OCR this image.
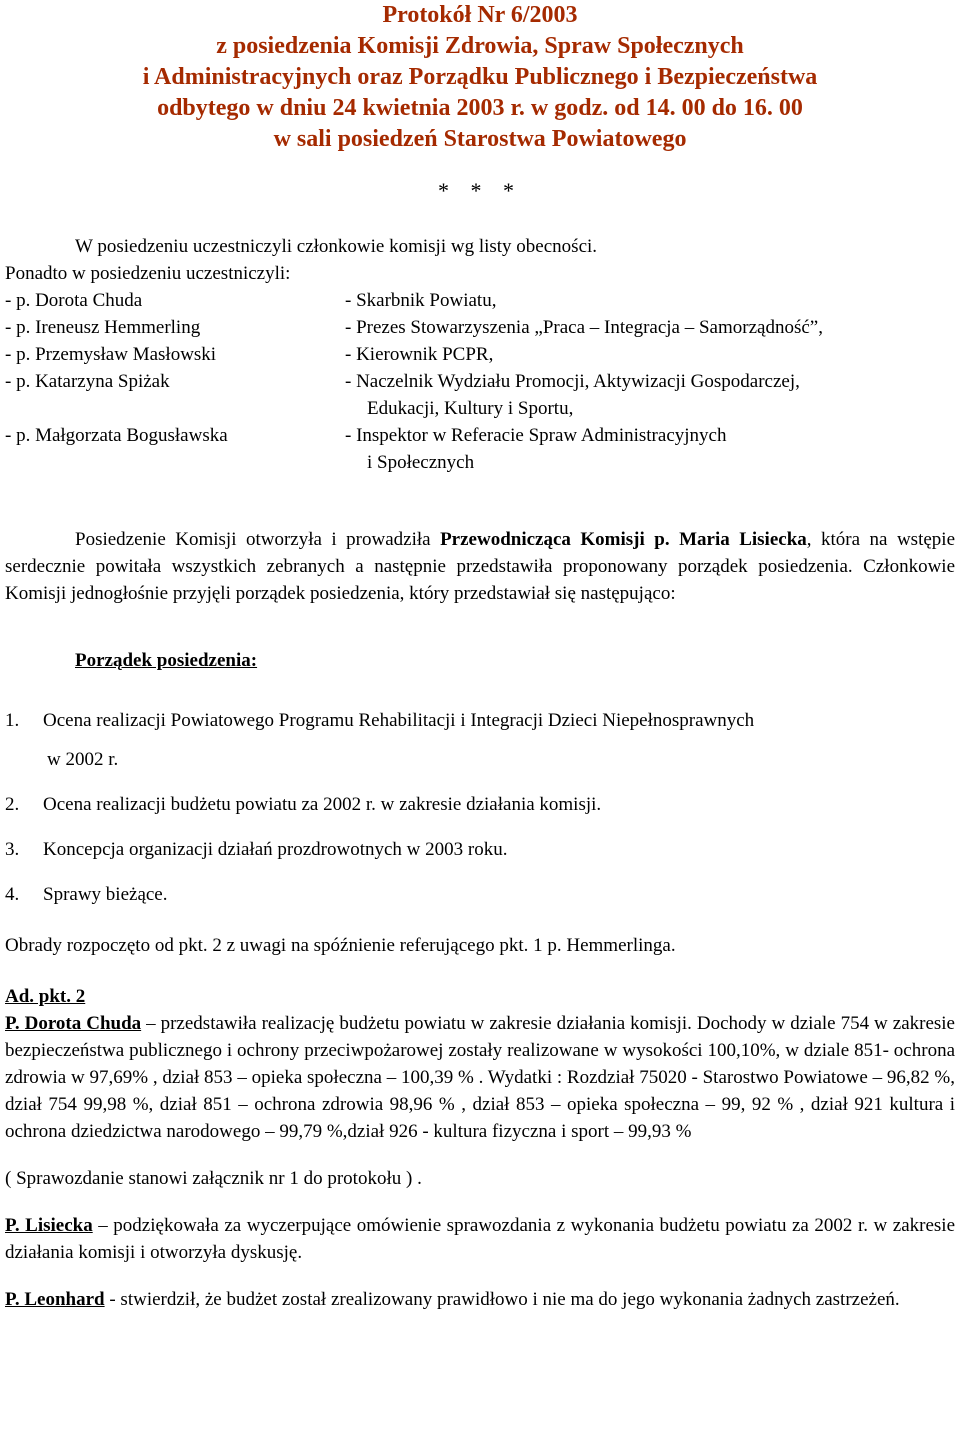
Protokół Nr 6/2003
z posiedzenia Komisji Zdrowia, Spraw Społecznych
i Administracyjnych oraz Porządku Publicznego i Bezpieczeństwa
odbytego w dniu 24 kwietnia 2003 r. w godz. od 14. 00 do 16. 00
w sali posiedzeń Starostwa Powiatowego
* * *

W posiedzeniu uczestniczyli członkowie komisji wg listy obecności.

Ponadto w posiedzeniu uczestniczyli:

- p. Dorota Chuda	- Skarbnik Powiatu,
- p. Ireneusz Hemmerling	- Prezes Stowarzyszenia „Praca – Integracja – Samorządność”,
- p. Przemysław Masłowski	- Kierownik PCPR,
- p. Katarzyna Spiżak	- Naczelnik Wydziału Promocji, Aktywizacji Gospodarczej,
Edukacji, Kultury i Sportu,
- p. Małgorzata Bogusławska	- Inspektor w Referacie Spraw Administracyjnych
i Społecznych

Posiedzenie Komisji otworzyła i prowadziła Przewodnicząca Komisji p. Maria Lisiecka, która na wstępie serdecznie powitała wszystkich zebranych a następnie przedstawiła proponowany porządek posiedzenia. Członkowie Komisji jednogłośnie przyjęli porządek posiedzenia, który przedstawiał się następująco:

Porządek posiedzenia:
1.	Ocena realizacji Powiatowego Programu Rehabilitacji i Integracji Dzieci Niepełnosprawnych
w 2002 r.
2.	Ocena realizacji budżetu powiatu za 2002 r. w zakresie działania komisji.
3.	Koncepcja organizacji działań prozdrowotnych w 2003 roku.
4.	Sprawy bieżące.

Obrady rozpoczęto od pkt. 2 z uwagi na spóźnienie referującego pkt. 1 p. Hemmerlinga.

Ad. pkt. 2

P. Dorota Chuda – przedstawiła realizację budżetu powiatu w zakresie działania komisji. Dochody w dziale 754 w zakresie bezpieczeństwa publicznego i ochrony przeciwpożarowej zostały realizowane w wysokości 100,10%, w dziale 851- ochrona zdrowia w 97,69% , dział 853 – opieka społeczna – 100,39 % . Wydatki : Rozdział 75020 - Starostwo Powiatowe – 96,82 %, dział 754 99,98 %, dział 851 – ochrona zdrowia 98,96 % , dział 853 – opieka społeczna – 99, 92 % , dział 921 kultura i ochrona dziedzictwa narodowego – 99,79 %,dział 926 - kultura fizyczna i sport – 99,93 %

( Sprawozdanie stanowi załącznik nr 1 do protokołu ) .

P. Lisiecka – podziękowała za wyczerpujące omówienie sprawozdania z wykonania budżetu powiatu za 2002 r. w zakresie działania komisji i otworzyła dyskusję.

P. Leonhard - stwierdził, że budżet został zrealizowany prawidłowo i nie ma do jego wykonania żadnych zastrzeżeń.
